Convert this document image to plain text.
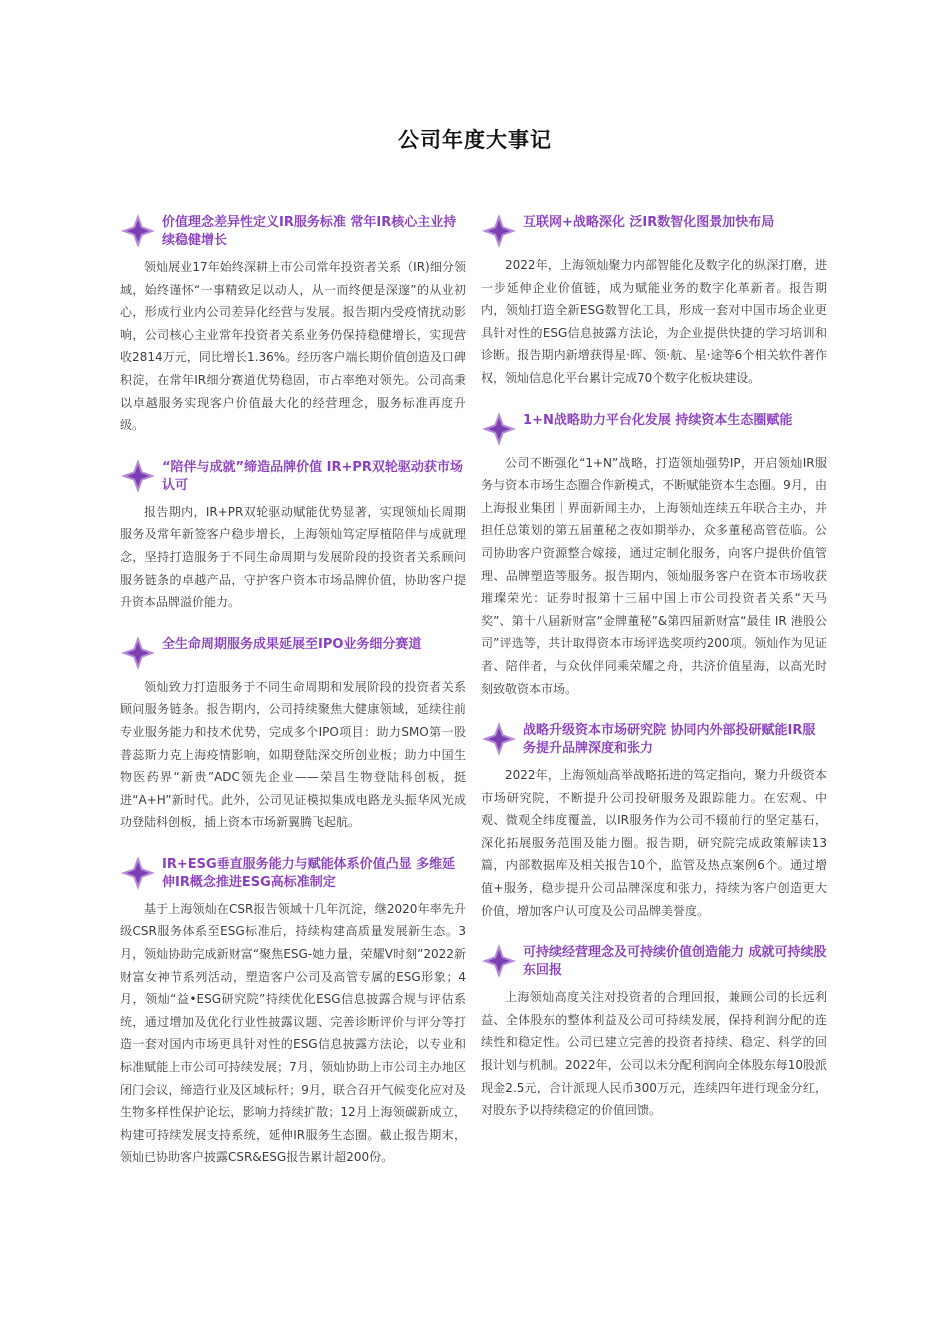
公司年度大事记
价值理念差异性定义IR服务标准 常年IR核心主业持续稳健增长

领灿展业17年始终深耕上市公司常年投资者关系（IR)细分领域，始终谨怀“一事精致足以动人，从一而终便是深邃”的从业初心，形成行业内公司差异化经营与发展。报告期内受疫情扰动影响，公司核心主业常年投资者关系业务仍保持稳健增长，实现营收2814万元，同比增长1.36%。经历客户端长期价值创造及口碑积淀，在常年IR细分赛道优势稳固，市占率绝对领先。公司高秉以卓越服务实现客户价值最大化的经营理念，服务标准再度升级。

“陪伴与成就”缔造品牌价值 IR+PR双轮驱动获市场认可

报告期内，IR+PR双轮驱动赋能优势显著，实现领灿长周期服务及常年新签客户稳步增长，上海领灿笃定厚植陪伴与成就理念，坚持打造服务于不同生命周期与发展阶段的投资者关系顾问服务链条的卓越产品，守护客户资本市场品牌价值，协助客户提升资本品牌溢价能力。

全生命周期服务成果延展至IPO业务细分赛道

领灿致力打造服务于不同生命周期和发展阶段的投资者关系顾问服务链条。报告期内，公司持续聚焦大健康领域，延续往前专业服务能力和技术优势，完成多个IPO项目：助力SMO第一股普蕊斯力克上海疫情影响，如期登陆深交所创业板；助力中国生物医药界“新贵”ADC领先企业——荣昌生物登陆科创板，挺进“A+H”新时代。此外，公司见证模拟集成电路龙头振华风光成功登陆科创板，插上资本市场新翼腾飞起航。

IR+ESG垂直服务能力与赋能体系价值凸显 多维延伸IR概念推进ESG高标准制定

基于上海领灿在CSR报告领域十几年沉淀，继2020年率先升级CSR服务体系至ESG标准后，持续构建高质量发展新生态。3月，领灿协助完成新财富“聚焦ESG-她力量，荣耀V时刻”2022新财富女神节系列活动，塑造客户公司及高管专属的ESG形象；4月，领灿“益•ESG研究院”持续优化ESG信息披露合规与评估系统，通过增加及优化行业性披露议题、完善诊断评价与评分等打造一套对国内市场更具针对性的ESG信息披露方法论，以专业和标准赋能上市公司可持续发展；7月，领灿协助上市公司主办地区闭门会议，缔造行业及区域标杆；9月，联合召开气候变化应对及生物多样性保护论坛，影响力持续扩散；12月上海领碳新成立，构建可持续发展支持系统，延伸IR服务生态圈。截止报告期末，领灿已协助客户披露CSR&ESG报告累计超200份。

互联网+战略深化 泛IR数智化图景加快布局

2022年，上海领灿聚力内部智能化及数字化的纵深打磨，进一步延伸企业价值链，成为赋能业务的数字化革新者。报告期内，领灿打造全新ESG数智化工具，形成一套对中国市场企业更具针对性的ESG信息披露方法论，为企业提供快捷的学习培训和诊断。报告期内新增获得星·晖、领·航、星·途等6个相关软件著作权，领灿信息化平台累计完成70个数字化板块建设。

1+N战略助力平台化发展 持续资本生态圈赋能

公司不断强化“1+N”战略，打造领灿强势IP，开启领灿IR服务与资本市场生态圈合作新模式，不断赋能资本生态圈。9月，由上海报业集团｜界面新闻主办，上海领灿连续五年联合主办，并担任总策划的第五届董秘之夜如期举办，众多董秘高管莅临。公司协助客户资源整合嫁接，通过定制化服务，向客户提供价值管理、品牌塑造等服务。报告期内，领灿服务客户在资本市场收获璀璨荣光：证券时报第十三届中国上市公司投资者关系“天马奖”、第十八届新财富“金牌董秘”&第四届新财富“最佳 IR 港股公司”评选等，共计取得资本市场评选奖项约200项。领灿作为见证者、陪伴者，与众伙伴同乘荣耀之舟，共济价值星海，以高光时刻致敬资本市场。

战略升级资本市场研究院 协同内外部投研赋能IR服务提升品牌深度和张力

2022年，上海领灿高举战略拓进的笃定指向，聚力升级资本市场研究院，不断提升公司投研服务及跟踪能力。在宏观、中观、微观全纬度覆盖，以IR服务作为公司不辍前行的坚定基石，深化拓展服务范围及能力圈。报告期，研究院完成政策解读13篇，内部数据库及相关报告10个，监管及热点案例6个。通过增值+服务，稳步提升公司品牌深度和张力，持续为客户创造更大价值，增加客户认可度及公司品牌美誉度。

可持续经营理念及可持续价值创造能力 成就可持续股东回报

上海领灿高度关注对投资者的合理回报，兼顾公司的长远利益、全体股东的整体利益及公司可持续发展，保持利润分配的连续性和稳定性。公司已建立完善的投资者持续、稳定、科学的回报计划与机制。2022年，公司以未分配利润向全体股东每10股派现金2.5元，合计派现人民币300万元，连续四年进行现金分红，对股东予以持续稳定的价值回馈。
